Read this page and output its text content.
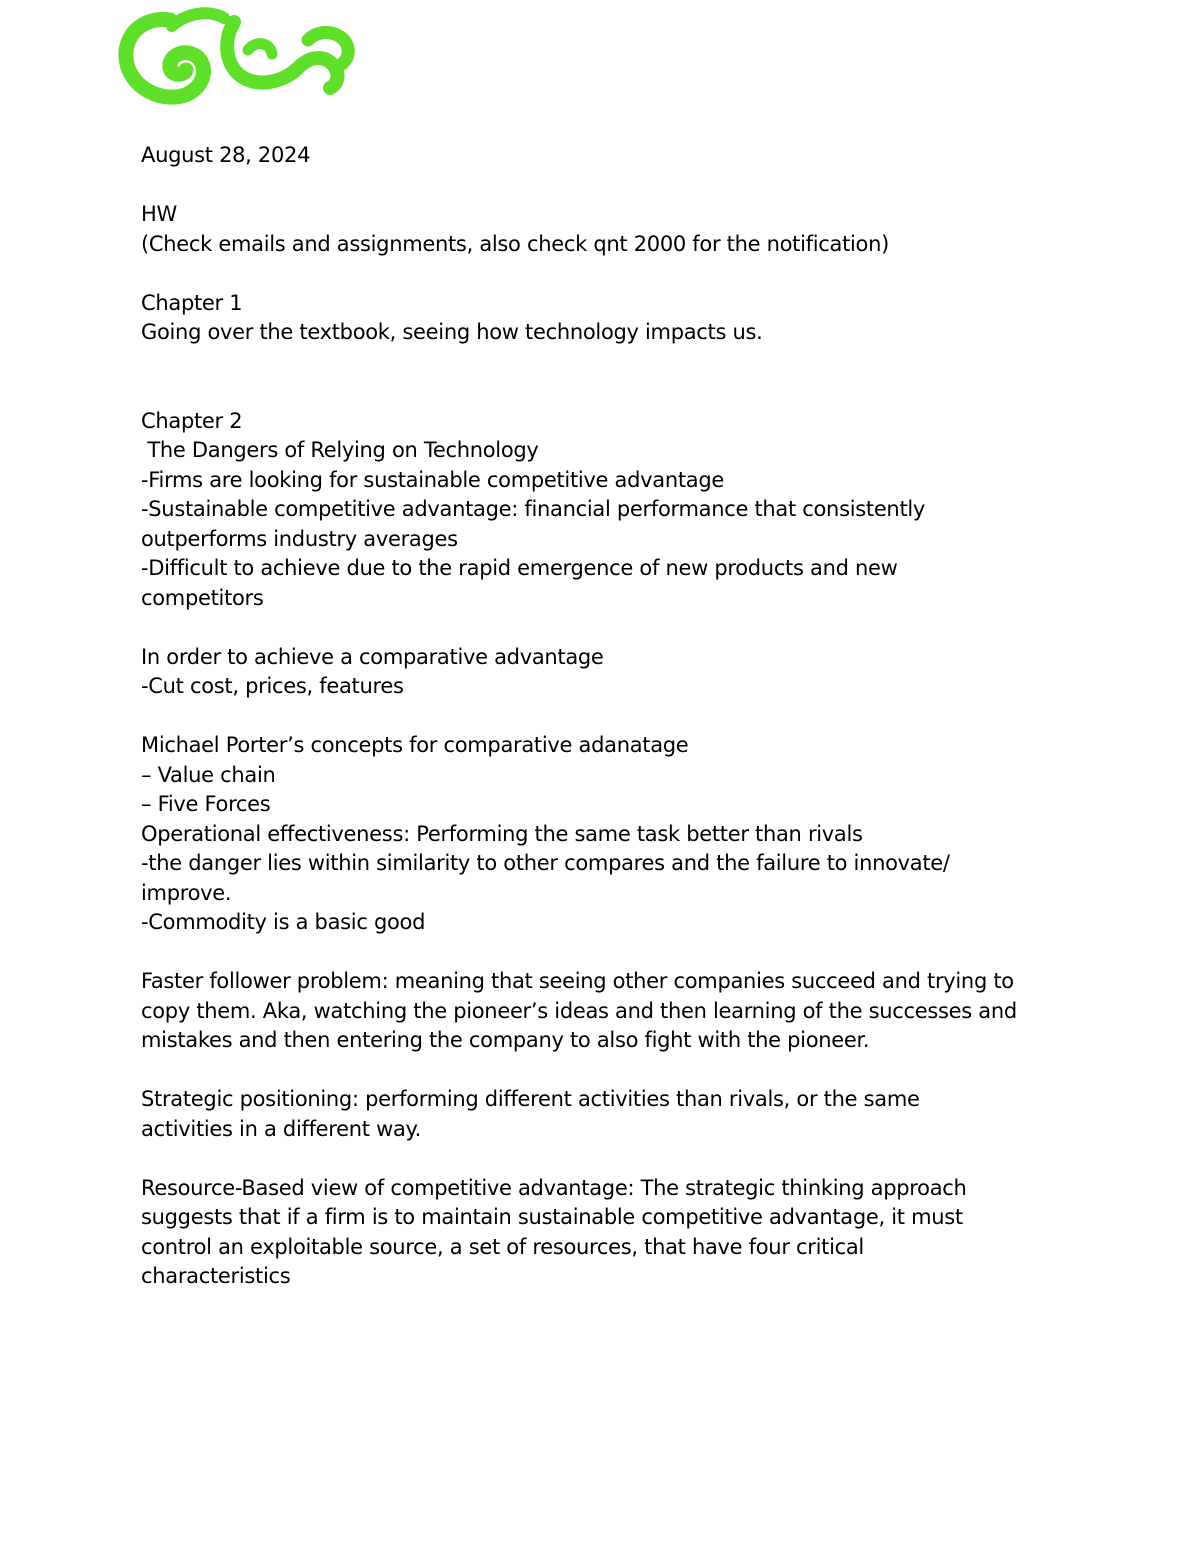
August 28, 2024
HW
(Check emails and assignments, also check qnt 2000 for the notification)
Chapter 1
Going over the textbook, seeing how technology impacts us.
Chapter 2
The Dangers of Relying on Technology
-Firms are looking for sustainable competitive advantage
-Sustainable competitive advantage: financial performance that consistently
outperforms industry averages
-Difficult to achieve due to the rapid emergence of new products and new
competitors
In order to achieve a comparative advantage
-Cut cost, prices, features
Michael Porter’s concepts for comparative adanatage
– Value chain
– Five Forces
Operational effectiveness: Performing the same task better than rivals
-the danger lies within similarity to other compares and the failure to innovate/
improve.
-Commodity is a basic good
Faster follower problem: meaning that seeing other companies succeed and trying to
copy them. Aka, watching the pioneer’s ideas and then learning of the successes and
mistakes and then entering the company to also fight with the pioneer.
Strategic positioning: performing different activities than rivals, or the same
activities in a different way.
Resource-Based view of competitive advantage: The strategic thinking approach
suggests that if a firm is to maintain sustainable competitive advantage, it must
control an exploitable source, a set of resources, that have four critical
characteristics
